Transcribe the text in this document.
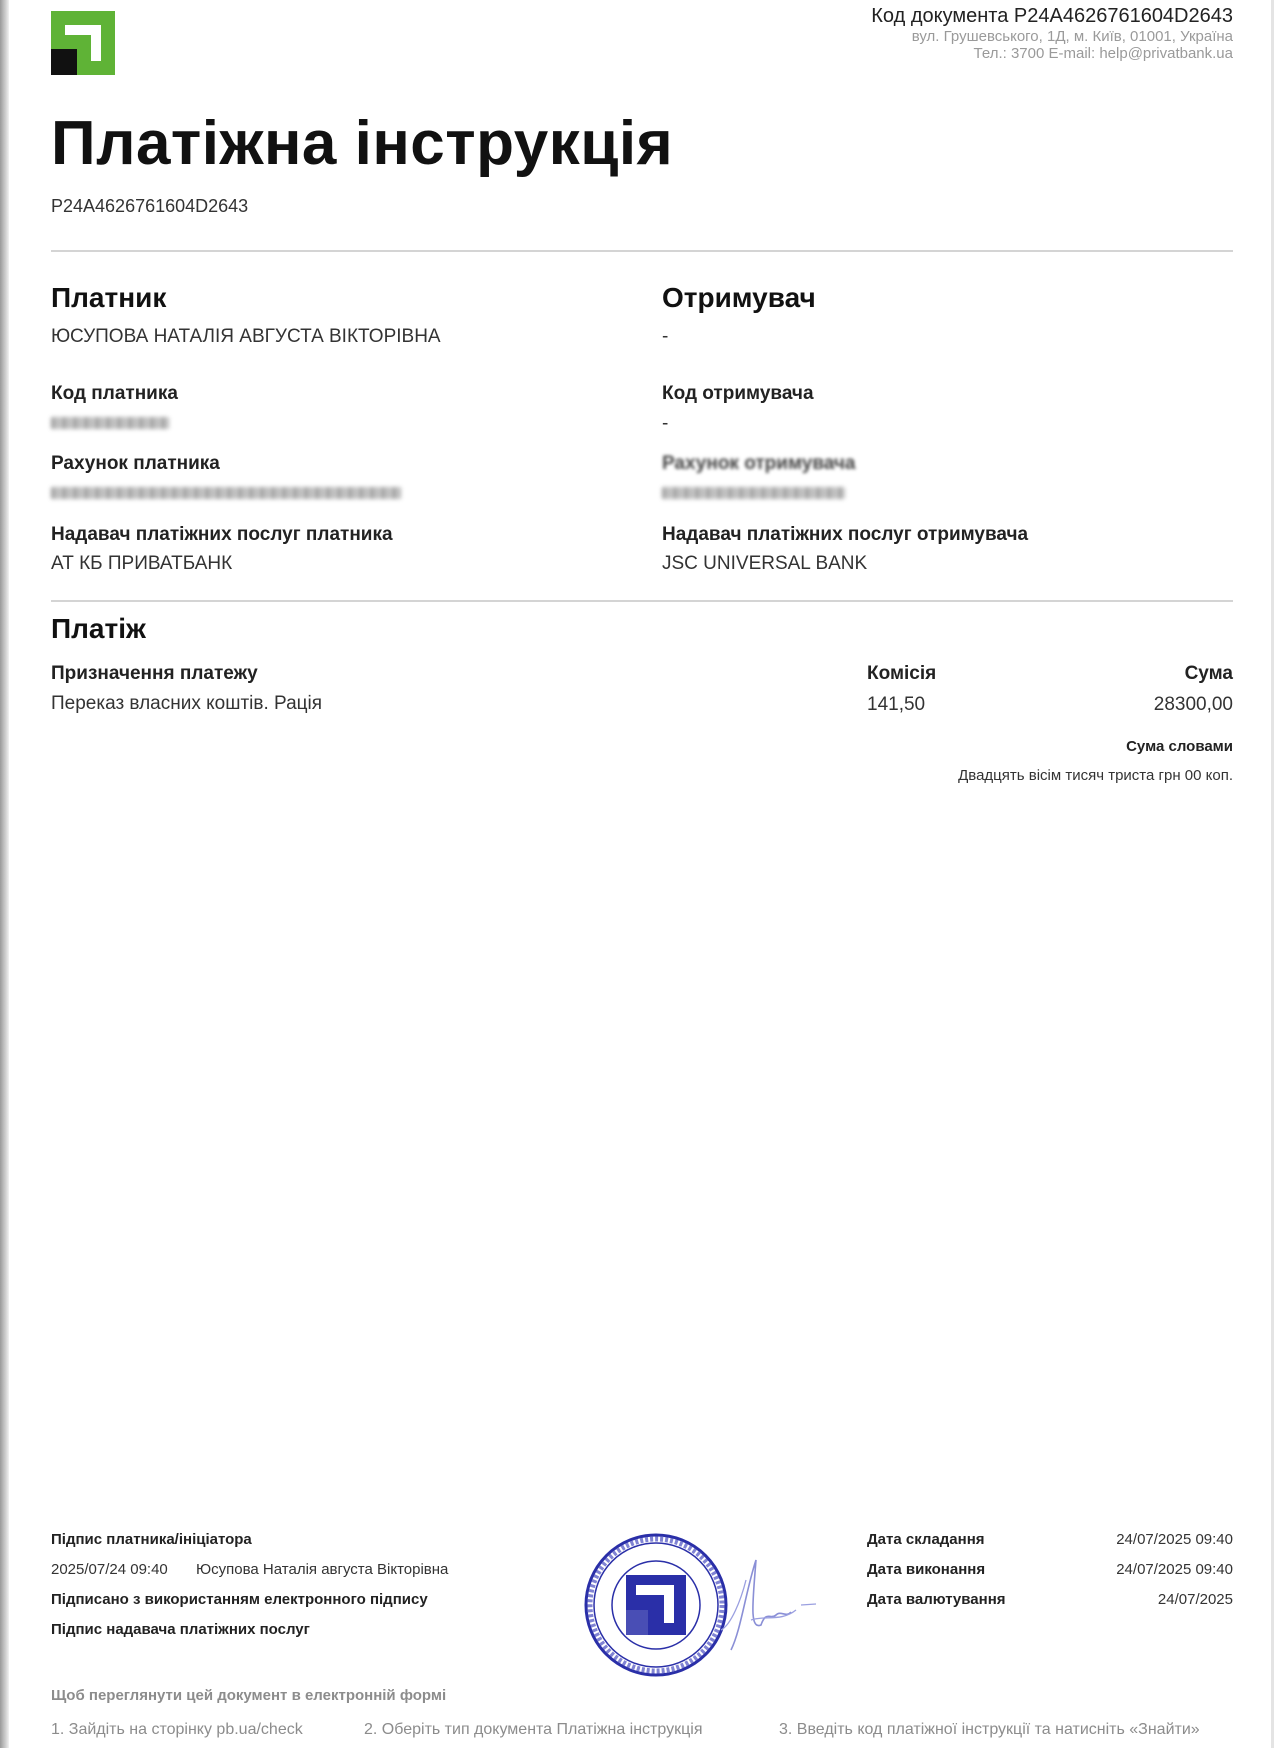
Код документа P24A4626761604D2643
вул. Грушевського, 1Д, м. Київ, 01001, Україна
Тел.: 3700 E-mail: help@privatbank.ua
Платіжна інструкція
P24A4626761604D2643
Платник
ЮСУПОВА НАТАЛІЯ АВГУСТА ВІКТОРІВНА
Код платника
Рахунок платника
Надавач платіжних послуг платника
АТ КБ ПРИВАТБАНК
Отримувач
-
Код отримувача
-
Рахунок отримувача
Надавач платіжних послуг отримувача
JSC UNIVERSAL BANK
Платіж
Призначення платежу
Переказ власних коштів. Рація
Комісія
141,50
Сума
28300,00
Сума словами
Двадцять вісім тисяч триста грн 00 коп.
Підпис платника/ініціатора
2025/07/24 09:40 Юсупова Наталія августа Вікторівна
Підписано з використанням електронного підпису
Підпис надавача платіжних послуг
Дата складання	24/07/2025 09:40
Дата виконання	24/07/2025 09:40
Дата валютування	24/07/2025
Щоб переглянути цей документ в електронній формі
1. Зайдіть на сторінку pb.ua/check	2. Оберіть тип документа Платіжна інструкція	3. Введіть код платіжної інструкції та натисніть «Знайти»
